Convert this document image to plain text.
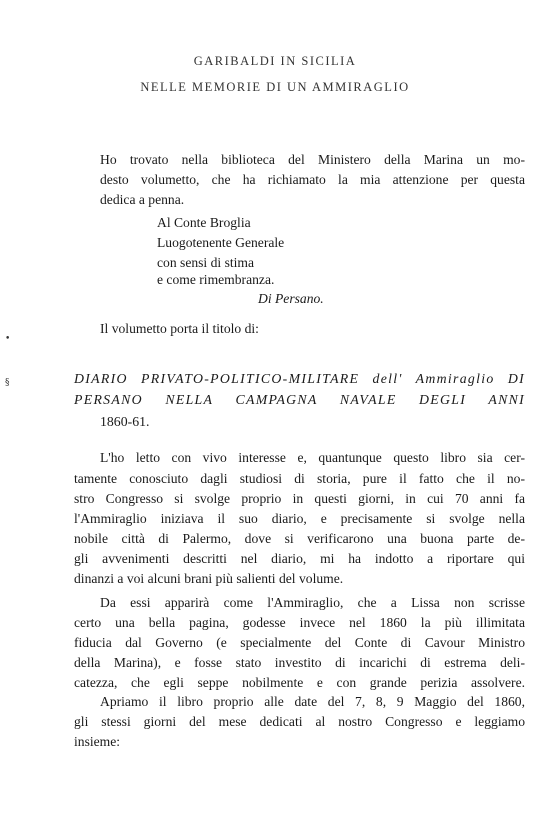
GARIBALDI IN SICILIA
NELLE MEMORIE DI UN AMMIRAGLIO
Ho trovato nella biblioteca del Ministero della Marina un mo-
desto volumetto, che ha richiamato la mia attenzione per questa
dedica a penna.
Al Conte Broglia
Luogotenente Generale
con sensi di stima
e come rimembranza.
Di Persano.
Il volumetto porta il titolo di:
DIARIO PRIVATO-POLITICO-MILITARE dell' Ammiraglio DI
PERSANO NELLA CAMPAGNA NAVALE DEGLI ANNI
1860-61.
L'ho letto con vivo interesse e, quantunque questo libro sia cer-
tamente conosciuto dagli studiosi di storia, pure il fatto che il no-
stro Congresso si svolge proprio in questi giorni, in cui 70 anni fa
l'Ammiraglio iniziava il suo diario, e precisamente si svolge nella
nobile città di Palermo, dove si verificarono una buona parte de-
gli avvenimenti descritti nel diario, mi ha indotto a riportare qui
dinanzi a voi alcuni brani più salienti del volume.
Da essi apparirà come l'Ammiraglio, che a Lissa non scrisse
certo una bella pagina, godesse invece nel 1860 la più illimitata
fiducia dal Governo (e specialmente del Conte di Cavour Ministro
della Marina), e fosse stato investito di incarichi di estrema deli-
catezza, che egli seppe nobilmente e con grande perizia assolvere.
Apriamo il libro proprio alle date del 7, 8, 9 Maggio del 1860,
gli stessi giorni del mese dedicati al nostro Congresso e leggiamo
insieme:
•
§
